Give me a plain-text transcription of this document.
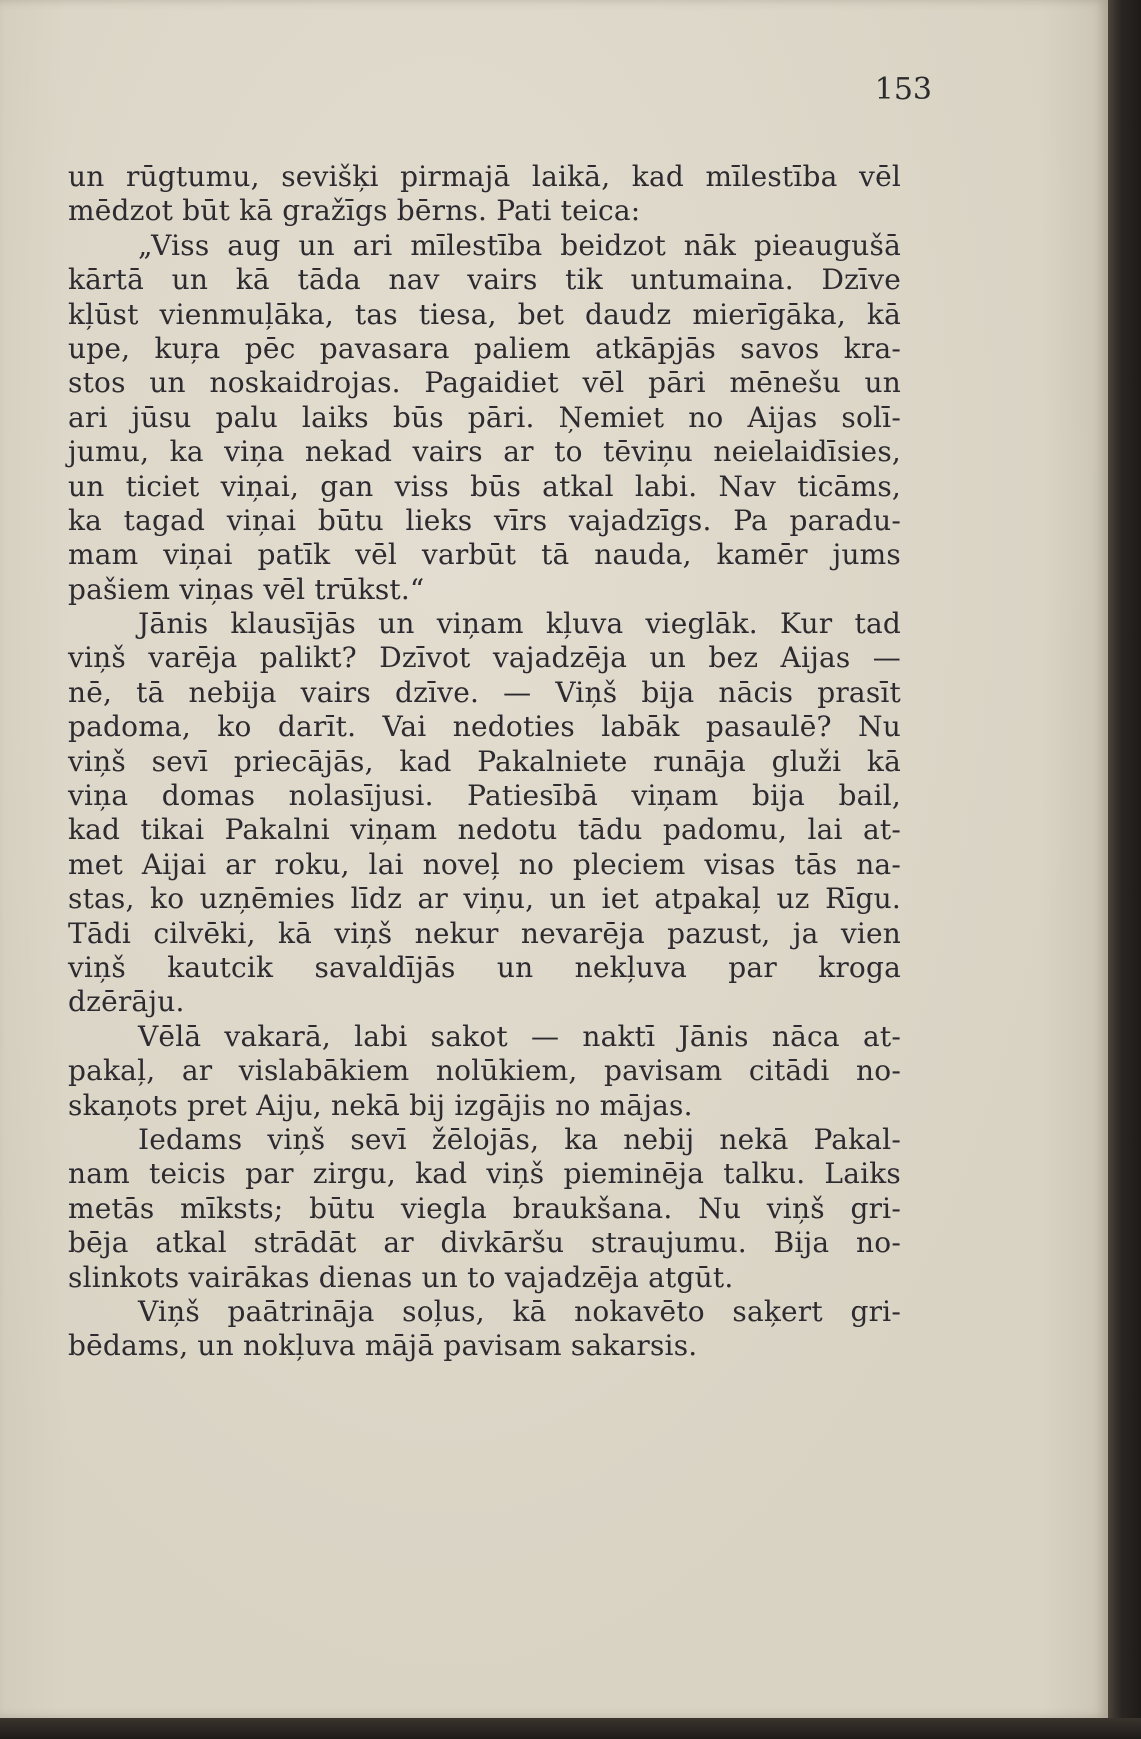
153
un rūgtumu, sevišķi pirmajā laikā, kad mīlestība vēl
mēdzot būt kā gražīgs bērns. Pati teica:
„Viss aug un ari mīlestība beidzot nāk pieaugušā
kārtā un kā tāda nav vairs tik untumaina. Dzīve
kļūst vienmuļāka, tas tiesa, bet daudz mierīgāka, kā
upe, kuŗa pēc pavasara paliem atkāpjās savos kra-
stos un noskaidrojas. Pagaidiet vēl pāri mēnešu un
ari jūsu palu laiks būs pāri. Ņemiet no Aijas solī-
jumu, ka viņa nekad vairs ar to tēviņu neielaidīsies,
un ticiet viņai, gan viss būs atkal labi. Nav ticāms,
ka tagad viņai būtu lieks vīrs vajadzīgs. Pa paradu-
mam viņai patīk vēl varbūt tā nauda, kamēr jums
pašiem viņas vēl trūkst.“
Jānis klausījās un viņam kļuva vieglāk. Kur tad
viņš varēja palikt? Dzīvot vajadzēja un bez Aijas —
nē, tā nebija vairs dzīve. — Viņš bija nācis prasīt
padoma, ko darīt. Vai nedoties labāk pasaulē? Nu
viņš sevī priecājās, kad Pakalniete runāja gluži kā
viņa domas nolasījusi. Patiesībā viņam bija bail,
kad tikai Pakalni viņam nedotu tādu padomu, lai at-
met Aijai ar roku, lai noveļ no pleciem visas tās na-
stas, ko uzņēmies līdz ar viņu, un iet atpakaļ uz Rīgu.
Tādi cilvēki, kā viņš nekur nevarēja pazust, ja vien
viņš kautcik savaldījās un nekļuva par kroga
dzērāju.
Vēlā vakarā, labi sakot — naktī Jānis nāca at-
pakaļ, ar vislabākiem nolūkiem, pavisam citādi no-
skaņots pret Aiju, nekā bij izgājis no mājas.
Iedams viņš sevī žēlojās, ka nebij nekā Pakal-
nam teicis par zirgu, kad viņš pieminēja talku. Laiks
metās mīksts; būtu viegla braukšana. Nu viņš gri-
bēja atkal strādāt ar divkāršu straujumu. Bija no-
slinkots vairākas dienas un to vajadzēja atgūt.
Viņš paātrināja soļus, kā nokavēto saķert gri-
bēdams, un nokļuva mājā pavisam sakarsis.
